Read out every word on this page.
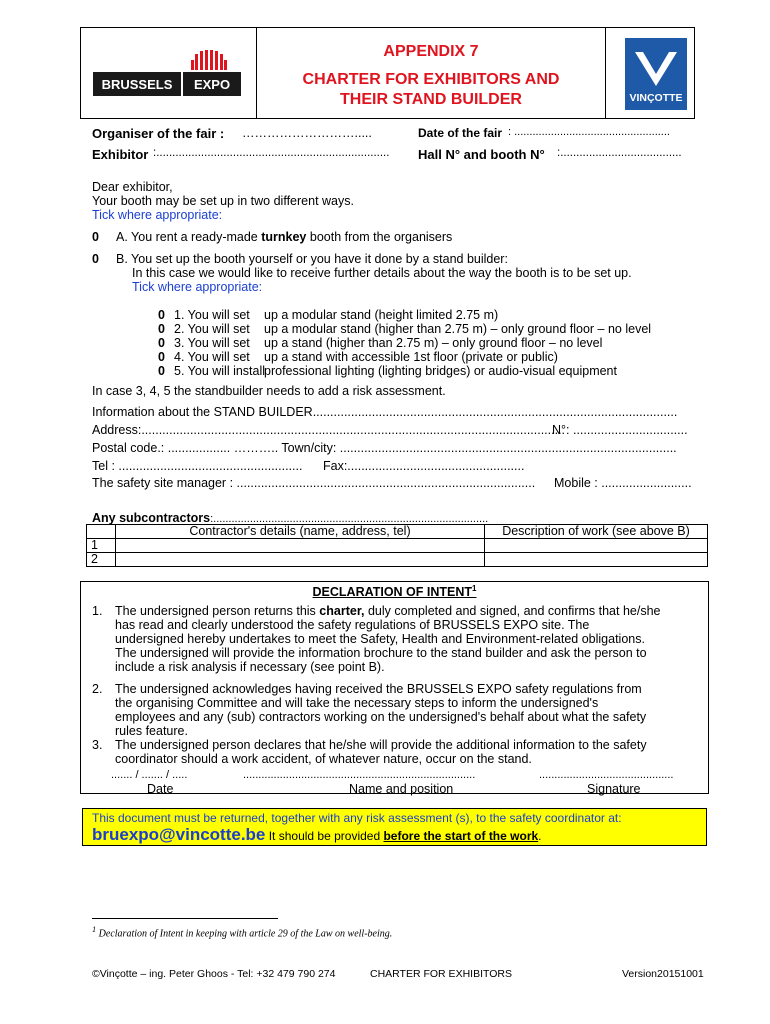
BRUSSELS EXPO
APPENDIX 7
CHARTER FOR EXHIBITORS AND
THEIR STAND BUILDER	VINÇOTTE
Organiser of the fair : ……………………….....	Date of the fair : ...................................................
Exhibitor :......................................................................... Hall N° and booth N° :......................................
Dear exhibitor,
Your booth may be set up in two different ways.
Tick where appropriate:
0 A. You rent a ready-made turnkey booth from the organisers
0 B. You set up the booth yourself or you have it done by a stand builder:
In this case we would like to receive further details about the way the booth is to be set up.
Tick where appropriate:
0 1. You will set up a modular stand (height limited 2.75 m)
0 2. You will set up a modular stand (higher than 2.75 m) – only ground floor – no level
0 3. You will set up a stand (higher than 2.75 m) – only ground floor – no level
0 4. You will set up a stand with accessible 1st floor (private or public)
0 5. You will install
professional lighting (lighting bridges) or audio-visual equipment
In case 3, 4, 5 the standbuilder needs to add a risk assessment.
Information about the STAND BUILDER.........................................................................................................
Address:..........................................................................................................................
N°: .................................
Postal code.: .................. ……….. Town/city: .................................................................................................
Tel : ..................................................... Fax:...................................................
The safety site manager : ...................................................................................... Mobile : ..........................
Any subcontractors:..........................................................................................
	Contractor's details (name, address, tel)	Description of work (see above B)
1		
2		
DECLARATION OF INTENT$^1$
1. The undersigned person returns this charter, duly completed and signed, and confirms that he/she
has read and clearly understood the safety regulations of BRUSSELS EXPO site. The
undersigned hereby undertakes to meet the Safety, Health and Environment-related obligations.
The undersigned will provide the information brochure to the stand builder and ask the person to
include a risk analysis if necessary (see point B).
2. The undersigned acknowledges having received the BRUSSELS EXPO safety regulations from
the organising Committee and will take the necessary steps to inform the undersigned's
employees and any (sub) contractors working on the undersigned's behalf about what the safety
rules feature.
3. The undersigned person declares that he/she will provide the additional information to the safety
coordinator should a work accident, of whatever nature, occur on the stand.
....... / ....... / .....	............................................................................	............................................
Date	Name and position	Signature
This document must be returned, together with any risk assessment (s), to the safety coordinator at:
bruexpo@vincotte.be It should be provided before the start of the work.
$^1$ Declaration of Intent in keeping with article 29 of the Law on well-being.
©Vinçotte – ing. Peter Ghoos - Tel: +32 479 790 274	CHARTER FOR EXHIBITORS	Version20151001
